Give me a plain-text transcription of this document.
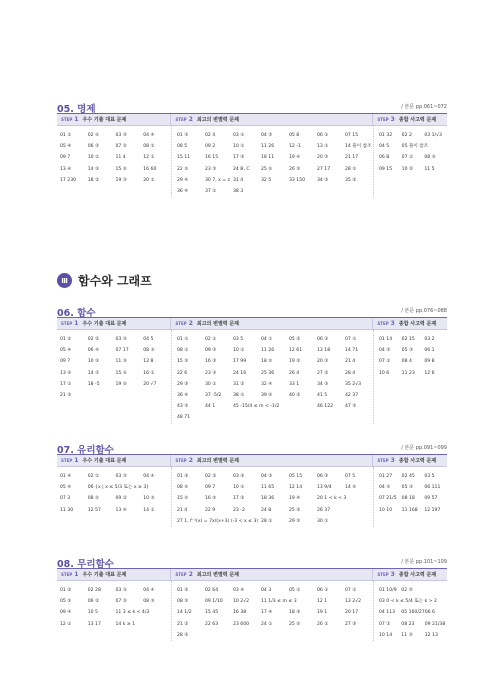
05. 명제	/ 본문 pp.061~072
STEP 1 우수 기출 대표 문제	STEP 2 최고의 변별력 문제	STEP 3 종합 사고력 문제
01 ①	02 ⑤	03 ③	04 ④
05 ④	06 ③	07 ②	08 ①
09 7	10 ①	11 4	12 ①
13 ④	14 ③	15 ⑤	16 60
17 230	18 ②	19 ③	20 ①
01 ③	02 4	03 ①	04 ③	05 8	06 ①	07 15
08 5	09 2	10 ①	11 26	12 -1	13 ①	14 풀이 참조
15 11	16 15	17 ③	18 11	19 ④	20 ③	21 17
22 ⑤	23 ③	24 B, C	25 ⑤	26 ③	27 17	28 ①
29 ④	30 7, x = z 31 4	32 5	33 150	34 ③	35 ②
36 ④	37 ①	38 3
01 32	02 2	03 1/√3
04 5	05 풀이 참조
06 B	07 ①	08 ⑤
09 15	10 ②	11 5
Ⅲ 함수와 그래프
06. 함수	/ 본문 pp.076~088
STEP 1 우수 기출 대표 문제	STEP 2 최고의 변별력 문제	STEP 3 종합 사고력 문제
01 ⑤	02 ②	03 ③	04 5
05 ④	06 ④	07 17	08 ⑤
09 7	10 ③	11 ③	12 8
13 ⑤	14 ③	15 ⑤	16 ①
17 ①	18 -5	19 ⑤	20 √7
21 ③
01 ①	02 ①	03 5	04 ①	05 ②	06 ②	07 ①
08 ①	09 ③	10 ①	11 26	12 61	13 18	14 71
15 ③	16 ③	17 99	18 ⑤	19 ②	20 ③	21 4
22 6	23 ③	24 16	25 36	26 4	27 ②	28 4
29 ③	30 ①	31 ②	32 ④	33 1	34 ③	35 2√3
36 ④	37 -5/2	38 ①	39 ⑤	40 ②	41 5	42 37
43 ③	44 1	45 -15/4 ≤ m < -1/2	46 122	47 ③
48 71
01 14	02 15	03 2
04 ③	05 ③	06 1
07 ①	08 4	09 8
10 6	11 23	12 6
07. 유리함수	/ 본문 pp.091~099
STEP 1 우수 기출 대표 문제	STEP 2 최고의 변별력 문제	STEP 3 종합 사고력 문제
01 ④	02 ①	03 ③	04 ④
05 ④	06 {x | x ≤ 5/3 또는 x ≥ 3}
07 3	08 ⑤	09 ②	10 ⑤
11 30	12 57	13 ④	14 ①
01 ③	02 ②	03 ③	04 ③	05 15	06 ③	07 5
08 ⑤	09 7	10 ①	11 65	12 14	13 9/4	14 ⑤
15 ⑤	16 ⑤	17 ②	18 36	19 ④	20 1 < k < 3
21 4	22 9	23 -2	24 8	25 ②	26 37
27 1, f⁻¹(x) = 7x/(x+3) (-3 < x ≤ 3) 28 ①	29 ③	30 ①
01 27	02 45	03 5
04 ⑤	05 ③	06 111
07 21/5	08 18	09 57
10 10	11 168	12 197
08. 무리함수	/ 본문 pp.101~109
STEP 1 우수 기출 대표 문제	STEP 2 최고의 변별력 문제	STEP 3 종합 사고력 문제
01 ②	02 28	03 ③	04 ④
05 ⑤	06 ②	07 ③	08 ⑤
09 ④	10 5	11 3 ≤ k < 4/3
12 ①	13 17	14 k ≥ 1
01 ②	02 64	03 ④	04 3	05 ①	06 ①	07 ①
08 ③	09 1/10	10 2√2	11 1/3 ≤ m ≤ 3	12 1	13 2√2
14 1/2	15 45	16 38	17 ④	18 ③	19 1	20 17
21 ②	22 63	23 600	24 ①	25 ⑤	26 ①	27 ③
28 ③
01 10/9	02 ③
03 0 < k ≤ 5/4 또는 k > 2
04 113	05 160/27 06 6
07 ②	08 23	09 21/38
10 14	11 ③	12 13
